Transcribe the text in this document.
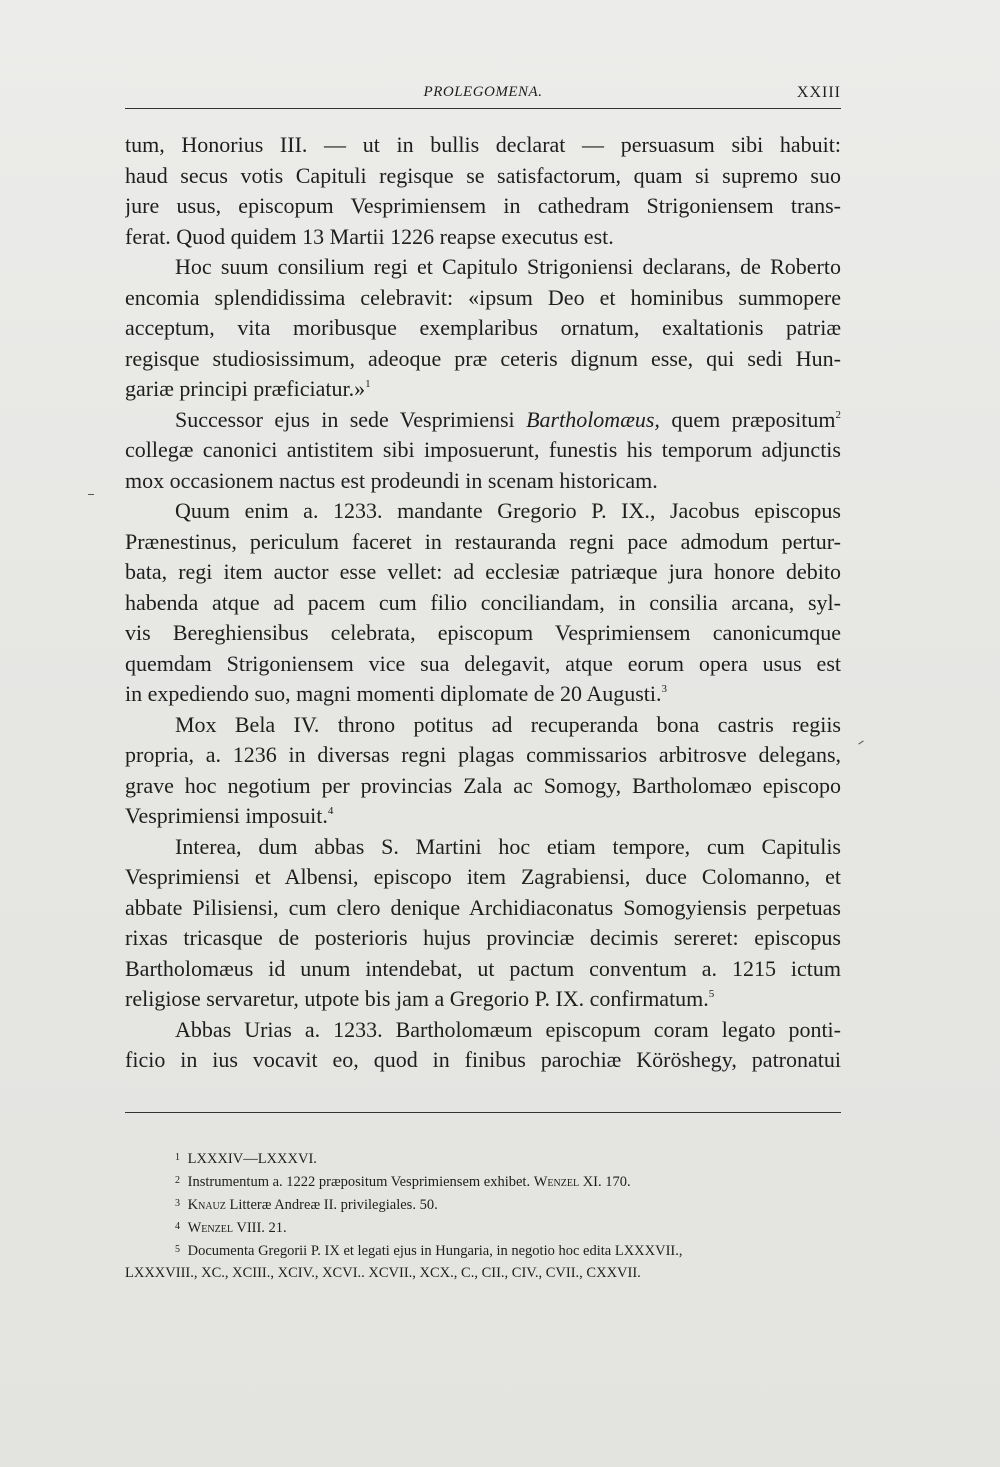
PROLEGOMENA.	XXIII
tum, Honorius III. — ut in bullis declarat — persuasum sibi habuit:
haud secus votis Capituli regisque se satisfactorum, quam si supremo suo
jure usus, episcopum Vesprimiensem in cathedram Strigoniensem trans-
ferat. Quod quidem 13 Martii 1226 reapse executus est.
Hoc suum consilium regi et Capitulo Strigoniensi declarans, de Roberto
encomia splendidissima celebravit: «ipsum Deo et hominibus summopere
acceptum, vita moribusque exemplaribus ornatum, exaltationis patriæ
regisque studiosissimum, adeoque præ ceteris dignum esse, qui sedi Hun-
gariæ principi præficiatur.»$^1$
Successor ejus in sede Vesprimiensi Bartholomæus, quem præpositum$^2$
collegæ canonici antistitem sibi imposuerunt, funestis his temporum adjunctis
mox occasionem nactus est prodeundi in scenam historicam.
Quum enim a. 1233. mandante Gregorio P. IX., Jacobus episcopus
Prænestinus, periculum faceret in restauranda regni pace admodum pertur-
bata, regi item auctor esse vellet: ad ecclesiæ patriæque jura honore debito
habenda atque ad pacem cum filio conciliandam, in consilia arcana, syl-
vis Bereghiensibus celebrata, episcopum Vesprimiensem canonicumque
quemdam Strigoniensem vice sua delegavit, atque eorum opera usus est
in expediendo suo, magni momenti diplomate de 20 Augusti.$^3$
Mox Bela IV. throno potitus ad recuperanda bona castris regiis
propria, a. 1236 in diversas regni plagas commissarios arbitrosve delegans,
grave hoc negotium per provincias Zala ac Somogy, Bartholomæo episcopo
Vesprimiensi imposuit.$^4$
Interea, dum abbas S. Martini hoc etiam tempore, cum Capitulis
Vesprimiensi et Albensi, episcopo item Zagrabiensi, duce Colomanno, et
abbate Pilisiensi, cum clero denique Archidiaconatus Somogyiensis perpetuas
rixas tricasque de posterioris hujus provinciæ decimis sereret: episcopus
Bartholomæus id unum intendebat, ut pactum conventum a. 1215 ictum
religiose servaretur, utpote bis jam a Gregorio P. IX. confirmatum.$^5$
Abbas Urias a. 1233. Bartholomæum episcopum coram legato ponti-
ficio in ius vocavit eo, quod in finibus parochiæ Köröshegy, patronatui
$^1$ LXXXIV—LXXXVI.
$^2$ Instrumentum a. 1222 præpositum Vesprimiensem exhibet. Wenzel XI. 170.
$^3$ Knauz Litteræ Andreæ II. privilegiales. 50.
$^4$ Wenzel VIII. 21.
$^5$ Documenta Gregorii P. IX et legati ejus in Hungaria, in negotio hoc edita LXXXVII.,
LXXXVIII., XC., XCIII., XCIV., XCVI.. XCVII., XCX., C., CII., CIV., CVII., CXXVII.
